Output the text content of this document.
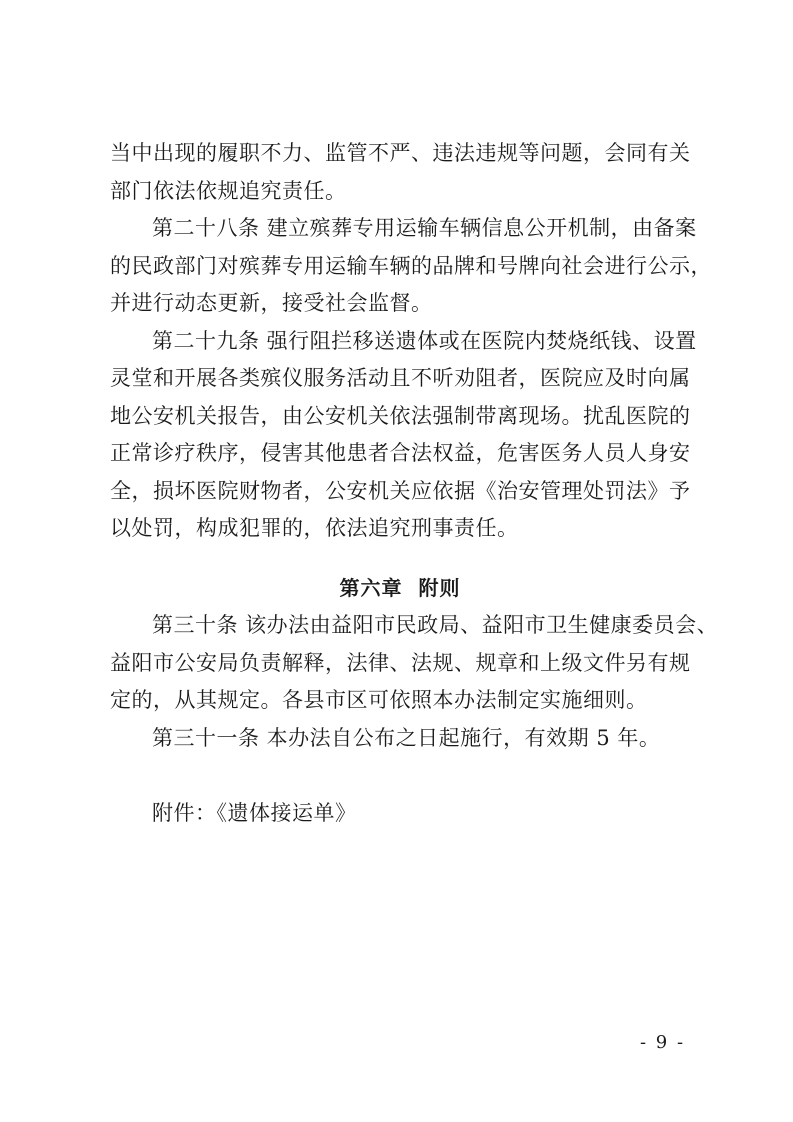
当中出现的履职不力、监管不严、违法违规等问题，会同有关
部门依法依规追究责任。
第二十八条 建立殡葬专用运输车辆信息公开机制，由备案
的民政部门对殡葬专用运输车辆的品牌和号牌向社会进行公示，
并进行动态更新，接受社会监督。
第二十九条 强行阻拦移送遗体或在医院内焚烧纸钱、设置
灵堂和开展各类殡仪服务活动且不听劝阻者，医院应及时向属
地公安机关报告，由公安机关依法强制带离现场。扰乱医院的
正常诊疗秩序，侵害其他患者合法权益，危害医务人员人身安
全，损坏医院财物者，公安机关应依据《治安管理处罚法》予
以处罚，构成犯罪的，依法追究刑事责任。
第六章 附则
第三十条 该办法由益阳市民政局、益阳市卫生健康委员会、
益阳市公安局负责解释，法律、法规、规章和上级文件另有规
定的，从其规定。各县市区可依照本办法制定实施细则。
第三十一条 本办法自公布之日起施行，有效期 5 年。
附件：《遗体接运单》
- 9 -
